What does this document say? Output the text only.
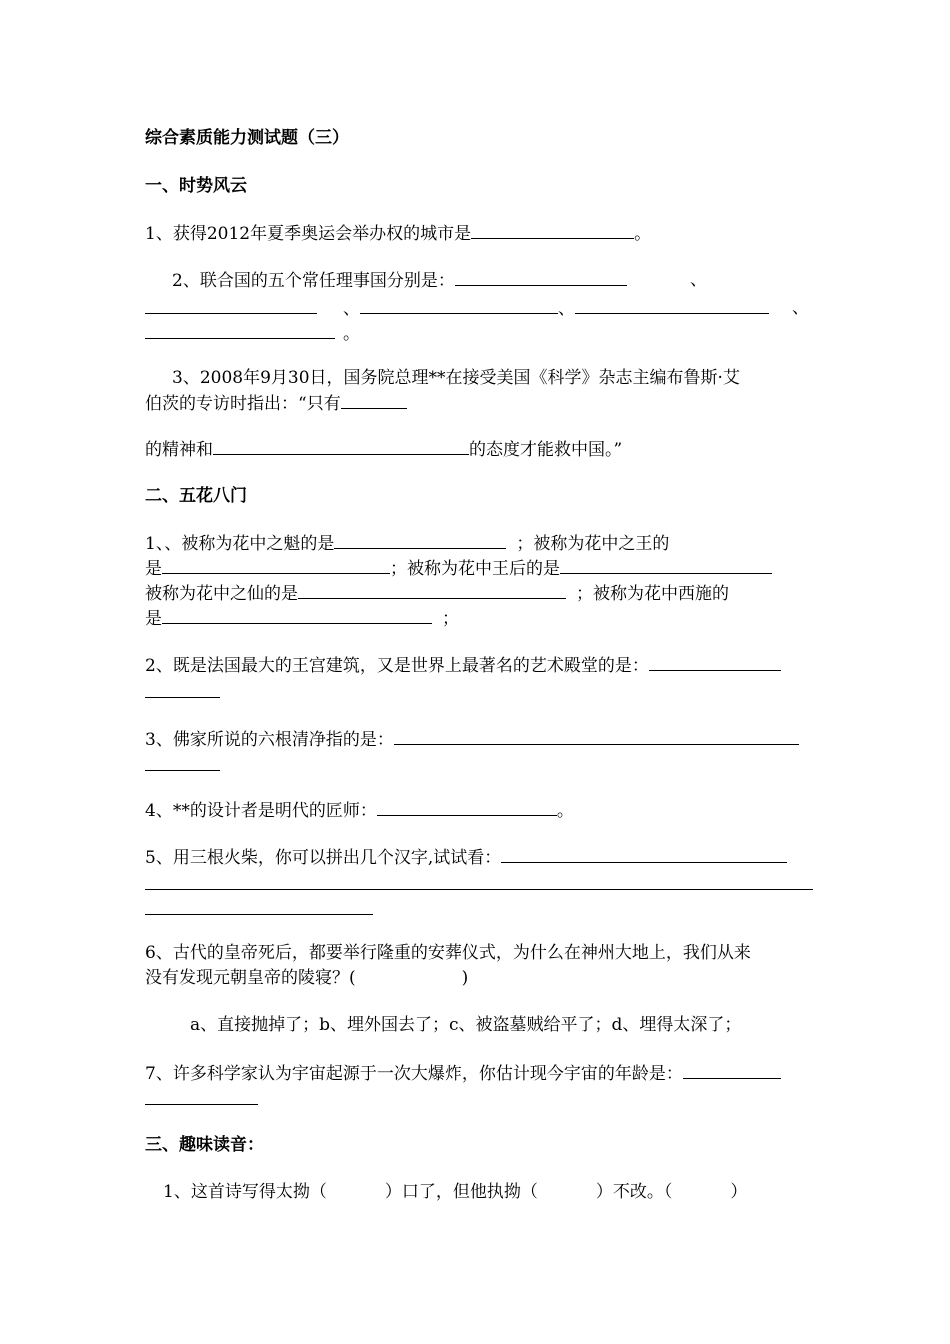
综合素质能力测试题（三）
一、时势风云
1、获得2012年夏季奥运会举办权的城市是	。
2、联合国的五个常任理事国分别是：	、
、	、	、
。
3、2008年9月30日，国务院总理**在接受美国《科学》杂志主编布鲁斯·艾
伯茨的专访时指出：“只有
的精神和	的态度才能救中国。”
二、五花八门
1、、被称为花中之魁的是	；被称为花中之王的
是	；被称为花中王后的是
被称为花中之仙的是	；被称为花中西施的
是	；
2、既是法国最大的王宫建筑，又是世界上最著名的艺术殿堂的是：
3、佛家所说的六根清净指的是：
4、**的设计者是明代的匠师：	。
5、用三根火柴，你可以拼出几个汉字,试试看：
6、古代的皇帝死后，都要举行隆重的安葬仪式，为什么在神州大地上，我们从来
没有发现元朝皇帝的陵寝？(	)
a、直接抛掉了；b、埋外国去了；c、被盗墓贼给平了；d、埋得太深了；
7、许多科学家认为宇宙起源于一次大爆炸，你估计现今宇宙的年龄是：
三、趣味读音：
1、这首诗写得太拗（	）口了，但他执拗（	）不改。（	）
